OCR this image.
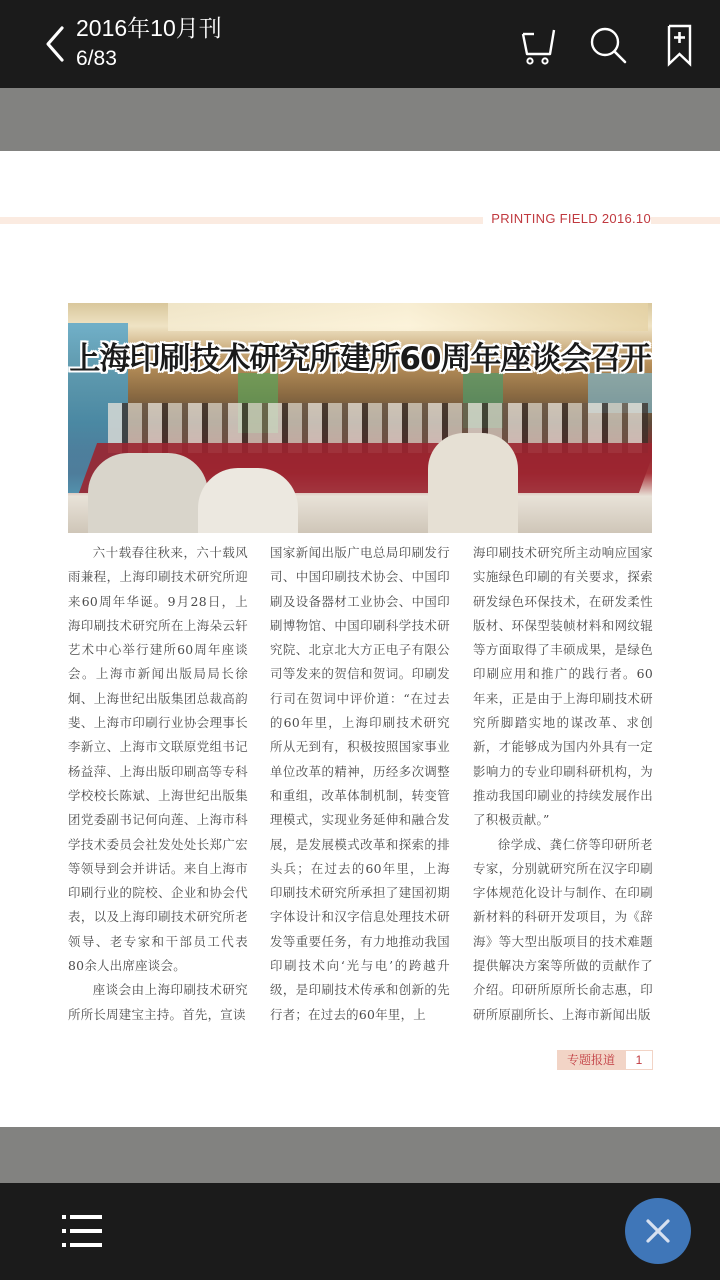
2016年10月刊
6/83
PRINTING FIELD 2016.10
上海印刷技术研究所建所60周年座谈会召开

六十载春往秋来，六十载风雨兼程，上海印刷技术研究所迎来60周年华诞。9月28日，上海印刷技术研究所在上海朵云轩艺术中心举行建所60周年座谈会。上海市新闻出版局局长徐炯、上海世纪出版集团总裁高韵斐、上海市印刷行业协会理事长李新立、上海市文联原党组书记杨益萍、上海出版印刷高等专科学校校长陈斌、上海世纪出版集团党委副书记何向莲、上海市科学技术委员会社发处处长郑广宏等领导到会并讲话。来自上海市印刷行业的院校、企业和协会代表，以及上海印刷技术研究所老领导、老专家和干部员工代表80余人出席座谈会。

座谈会由上海印刷技术研究所所长周建宝主持。首先，宣读

国家新闻出版广电总局印刷发行司、中国印刷技术协会、中国印刷及设备器材工业协会、中国印刷博物馆、中国印刷科学技术研究院、北京北大方正电子有限公司等发来的贺信和贺词。印刷发行司在贺词中评价道：“在过去的60年里，上海印刷技术研究所从无到有，积极按照国家事业单位改革的精神，历经多次调整和重组，改革体制机制，转变管理模式，实现业务延伸和融合发展，是发展模式改革和探索的排头兵；在过去的60年里，上海印刷技术研究所承担了建国初期字体设计和汉字信息处理技术研发等重要任务，有力地推动我国印刷技术向‘光与电’的跨越升级，是印刷技术传承和创新的先行者；在过去的60年里，上

海印刷技术研究所主动响应国家实施绿色印刷的有关要求，探索研发绿色环保技术，在研发柔性版材、环保型装帧材料和网纹辊等方面取得了丰硕成果，是绿色印刷应用和推广的践行者。60年来，正是由于上海印刷技术研究所脚踏实地的谋改革、求创新，才能够成为国内外具有一定影响力的专业印刷科研机构，为推动我国印刷业的持续发展作出了积极贡献。”

徐学成、龚仁侪等印研所老专家，分别就研究所在汉字印刷字体规范化设计与制作、在印刷新材料的科研开发项目，为《辞海》等大型出版项目的技术难题提供解决方案等所做的贡献作了介绍。印研所原所长俞志惠，印研所原副所长、上海市新闻出版

专题报道	1
